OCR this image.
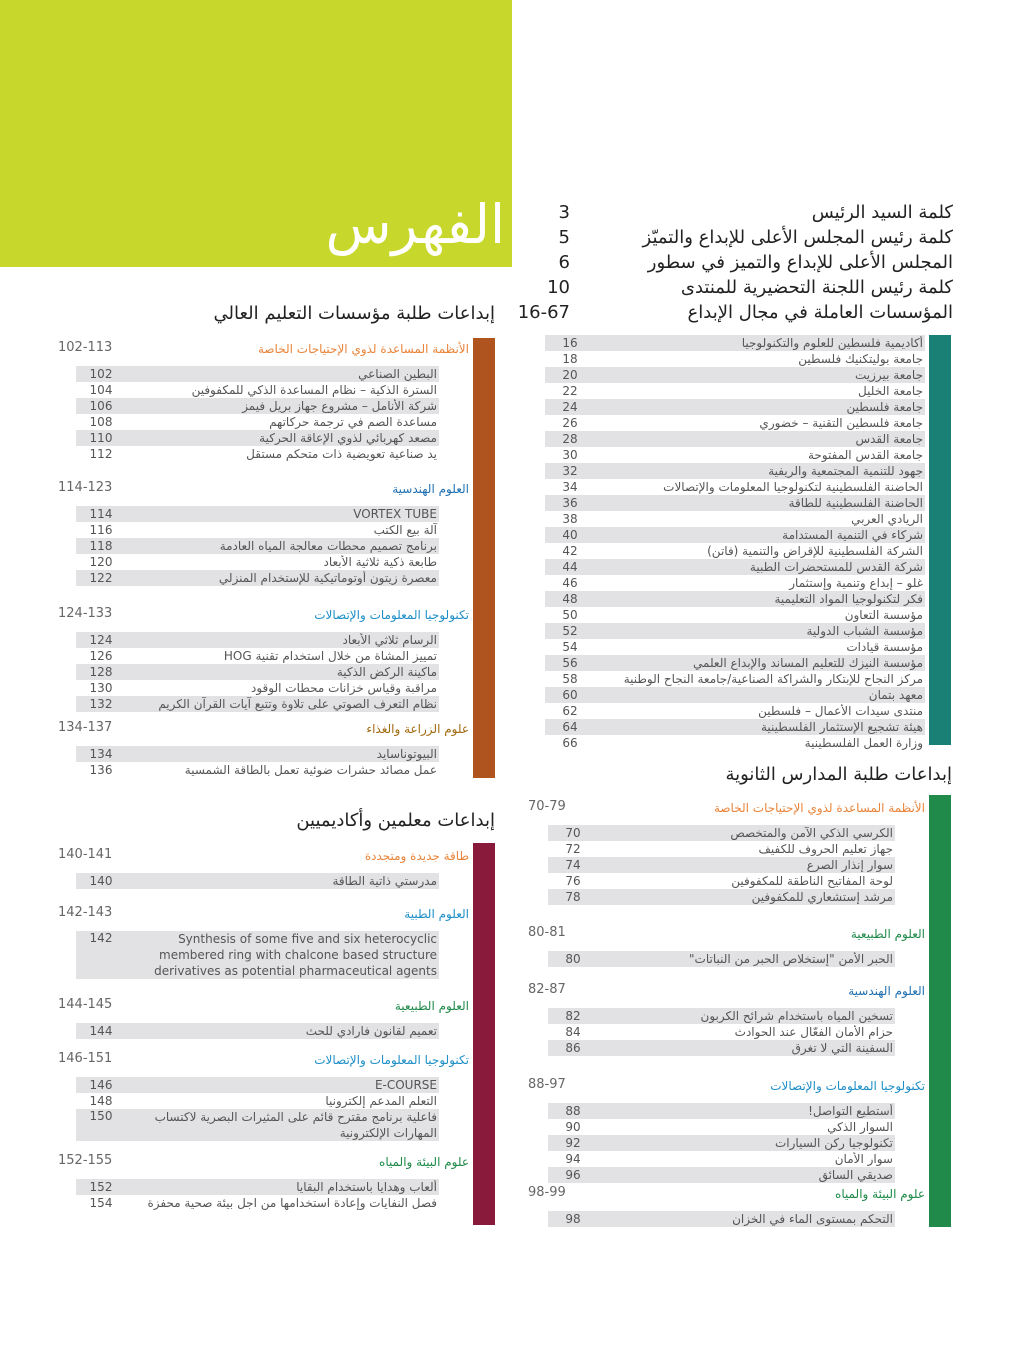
الفهرس	3	كلمة السيد الرئيس
5	كلمة رئيس المجلس الأعلى للإبداع والتميّز
6	المجلس الأعلى للإبداع والتميز في سطور
10	كلمة رئيس اللجنة التحضيرية للمنتدى
16-67	المؤسسات العاملة في مجال الإبداع
16	أكاديمية فلسطين للعلوم والتكنولوجيا
18	جامعة بوليتكنيك فلسطين
20	جامعة بيرزيت
22	جامعة الخليل
24	جامعة فلسطين
26	جامعة فلسطين التقنية – خضوري
28	جامعة القدس
30	جامعة القدس المفتوحة
32	جهود للتنمية المجتمعية والريفية
34	الحاضنة الفلسطينية لتكنولوجيا المعلومات والإتصالات
36	الحاضنة الفلسطينية للطاقة
38	الريادي العربي
40	شركاء في التنمية المستدامة
42	الشركة الفلسطينية للإقراض والتنمية (فاتن)
44	شركة القدس للمستحضرات الطبية
46	غلو – إبداع وتنمية وإستثمار
48	فكر لتكنولوجيا المواد التعليمية
50	مؤسسة التعاون
52	مؤسسة الشباب الدولية
54	مؤسسة قيادات
56	مؤسسة النيزك للتعليم المساند والإبداع العلمي
58	مركز النجاح للإبتكار والشراكة الصناعية/جامعة النجاح الوطنية
60	معهد بتمان
62	منتدى سيدات الأعمال – فلسطين
64	هيئة تشجيع الإستثمار الفلسطينية
66	وزارة العمل الفلسطينية
إبداعات طلبة المدارس الثانوية
70-79	الأنظمة المساعدة لذوي الإحتياجات الخاصة
70	الكرسي الذكي الآمن والمتخصص
72	جهاز تعليم الحروف للكفيف
74	سوار إنذار الصرع
76	لوحة المفاتيح الناطقة للمكفوفين
78	مرشد إستشعاري للمكفوفين
80-81	العلوم الطبيعية
80	الحبر الأمن "إستخلاص الحبر من النباتات"
82-87	العلوم الهندسية
82	تسخين المياه باستخدام شرائح الكربون
84	حزام الأمان الفعّال عند الحوادث
86	السفينة التي لا تغرق
88-97	تكنولوجيا المعلومات والإتصالات
88	أستطيع التواصل!
90	السوار الذكي
92	تكنولوجيا ركن السيارات
94	سوار الأمان
96	صديقي السائق
98-99	علوم البيئة والمياه
98	التحكم بمستوى الماء في الخزان
إبداعات طلبة مؤسسات التعليم العالي
102-113	الأنظمة المساعدة لذوي الإحتياجات الخاصة
102	البطين الصناعي
104	السترة الذكية – نظام المساعدة الذكي للمكفوفين
106	شركة الأنامل – مشروع جهاز بريل فيمز
108	مساعدة الصم في ترجمة حركاتهم
110	مصعد كهربائي لذوي الإعاقة الحركية
112	يد صناعية تعويضية ذات متحكم مستقل
114-123	العلوم الهندسية
114	VORTEX TUBE
116	آلة بيع الكتب
118	برنامج تصميم محطات معالجة المياه العادمة
120	طابعة ذكية ثلاثية الأبعاد
122	معصرة زيتون أوتوماتيكية للإستخدام المنزلي
124-133	تكنولوجيا المعلومات والإتصالات
124	الرسام ثلاثي الأبعاد
126	تمييز المشاة من خلال استخدام تقنية HOG
128	ماكينة الركض الذكية
130	مراقبة وقياس خزانات محطات الوقود
132	نظام التعرف الصوتي على تلاوة وتتبع آيات القرآن الكريم
134-137	علوم الزراعة والغذاء
134	البيوتوناسايد
136	عمل مصائد حشرات ضوئية تعمل بالطاقة الشمسية
إبداعات معلمين وأكاديميين
140-141	طاقة جديدة ومتجددة
140	مدرستي ذاتية الطاقة
142-143	العلوم الطبية
142	Synthesis of some five and six heterocyclic membered ring with chalcone based structure derivatives as potential pharmaceutical agents
144-145	العلوم الطبيعية
144	تعميم لقانون فارادي للحث
146-151	تكنولوجيا المعلومات والإتصالات
146	E-COURSE
148	التعلم المدعم إلكترونيا
150	فاعلية برنامج مقترح قائم على المثيرات البصرية لاكتساب المهارات الإلكترونية
152-155	علوم البيئة والمياه
152	ألعاب وهدايا باستخدام البقايا
154	فصل النفايات وإعادة استخدامها من اجل بيئة صحية محفزة
